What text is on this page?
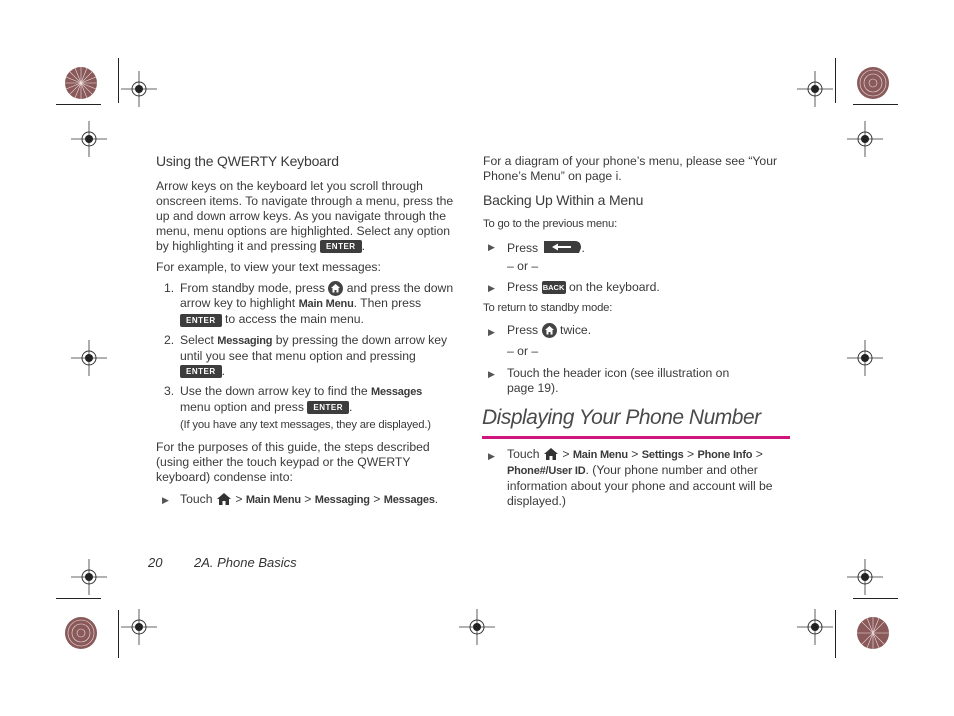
Using the QWERTY Keyboard
Arrow keys on the keyboard let you scroll through
onscreen items. To navigate through a menu, press the
up and down arrow keys. As you navigate through the
menu, menu options are highlighted. Select any option
by highlighting it and pressing ENTER .
For example, to view your text messages:
1. From standby mode, press and press the down
arrow key to highlight Main Menu. Then press
ENTER to access the main menu.
2. Select Messaging by pressing the down arrow key
until you see that menu option and pressing
ENTER .
3. Use the down arrow key to find the Messages
menu option and press ENTER .
(If you have any text messages, they are displayed.)
For the purposes of this guide, the steps described
(using either the touch keypad or the QWERTY
keyboard) condense into:
▶ Touch > Main Menu > Messaging > Messages.
For a diagram of your phone’s menu, please see “Your
Phone’s Menu” on page i.
Backing Up Within a Menu
To go to the previous menu:
▶ Press	.
– or –
▶ Press BACK on the keyboard.
To return to standby mode:
▶ Press twice.
– or –
▶ Touch the header icon (see illustration on
page 19).
Displaying Your Phone Number
▶ Touch > Main Menu > Settings > Phone Info >
Phone#/User ID. (Your phone number and other
information about your phone and account will be
displayed.)
20 2A. Phone Basics
